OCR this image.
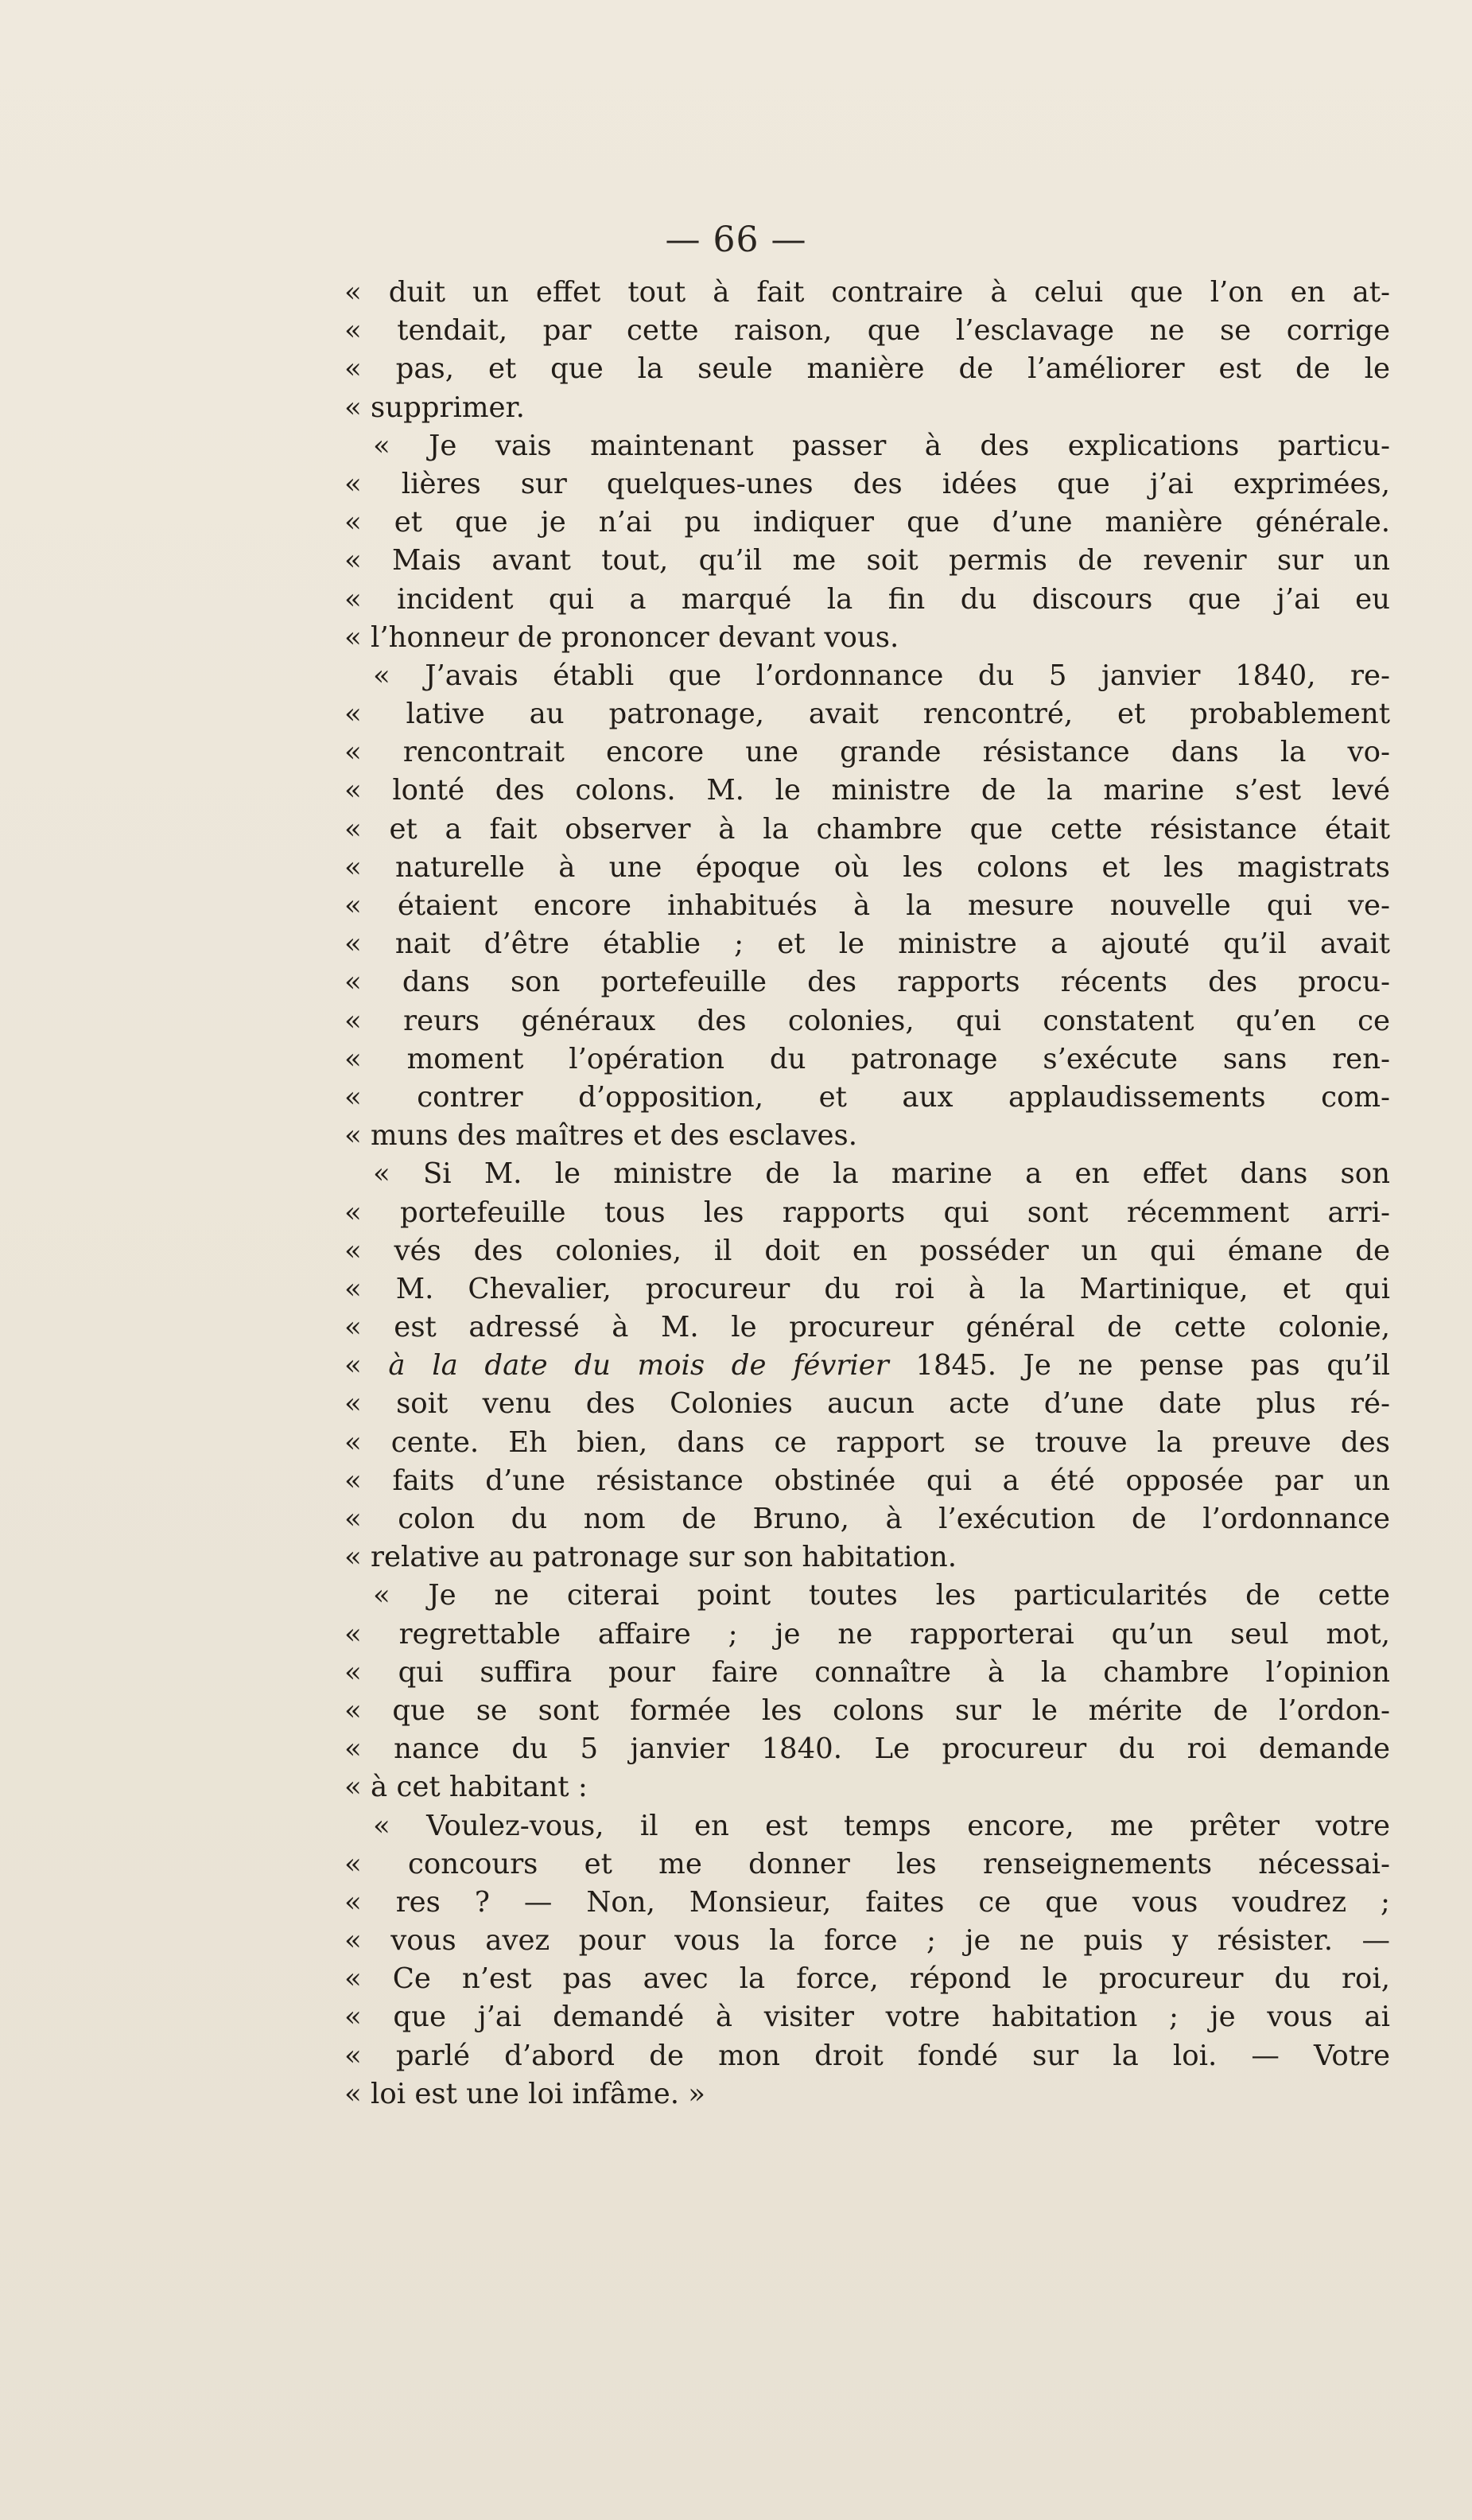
— 66 —
« duit un effet tout à fait contraire à celui que l’on en at-
« tendait, par cette raison, que l’esclavage ne se corrige
« pas, et que la seule manière de l’améliorer est de le
« supprimer.
« Je vais maintenant passer à des explications particu-
« lières sur quelques-unes des idées que j’ai exprimées,
« et que je n’ai pu indiquer que d’une manière générale.
« Mais avant tout, qu’il me soit permis de revenir sur un
« incident qui a marqué la fin du discours que j’ai eu
« l’honneur de prononcer devant vous.
« J’avais établi que l’ordonnance du 5 janvier 1840, re-
« lative au patronage, avait rencontré, et probablement
« rencontrait encore une grande résistance dans la vo-
« lonté des colons. M. le ministre de la marine s’est levé
« et a fait observer à la chambre que cette résistance était
« naturelle à une époque où les colons et les magistrats
« étaient encore inhabitués à la mesure nouvelle qui ve-
« nait d’être établie ; et le ministre a ajouté qu’il avait
« dans son portefeuille des rapports récents des procu-
« reurs généraux des colonies, qui constatent qu’en ce
« moment l’opération du patronage s’exécute sans ren-
« contrer d’opposition, et aux applaudissements com-
« muns des maîtres et des esclaves.
« Si M. le ministre de la marine a en effet dans son
« portefeuille tous les rapports qui sont récemment arri-
« vés des colonies, il doit en posséder un qui émane de
« M. Chevalier, procureur du roi à la Martinique, et qui
« est adressé à M. le procureur général de cette colonie,
« à la date du mois de février 1845. Je ne pense pas qu’il
« soit venu des Colonies aucun acte d’une date plus ré-
« cente. Eh bien, dans ce rapport se trouve la preuve des
« faits d’une résistance obstinée qui a été opposée par un
« colon du nom de Bruno, à l’exécution de l’ordonnance
« relative au patronage sur son habitation.
« Je ne citerai point toutes les particularités de cette
« regrettable affaire ; je ne rapporterai qu’un seul mot,
« qui suffira pour faire connaître à la chambre l’opinion
« que se sont formée les colons sur le mérite de l’ordon-
« nance du 5 janvier 1840. Le procureur du roi demande
« à cet habitant :
« Voulez-vous, il en est temps encore, me prêter votre
« concours et me donner les renseignements nécessai-
« res ? — Non, Monsieur, faites ce que vous voudrez ;
« vous avez pour vous la force ; je ne puis y résister. —
« Ce n’est pas avec la force, répond le procureur du roi,
« que j’ai demandé à visiter votre habitation ; je vous ai
« parlé d’abord de mon droit fondé sur la loi. — Votre
« loi est une loi infâme. »
